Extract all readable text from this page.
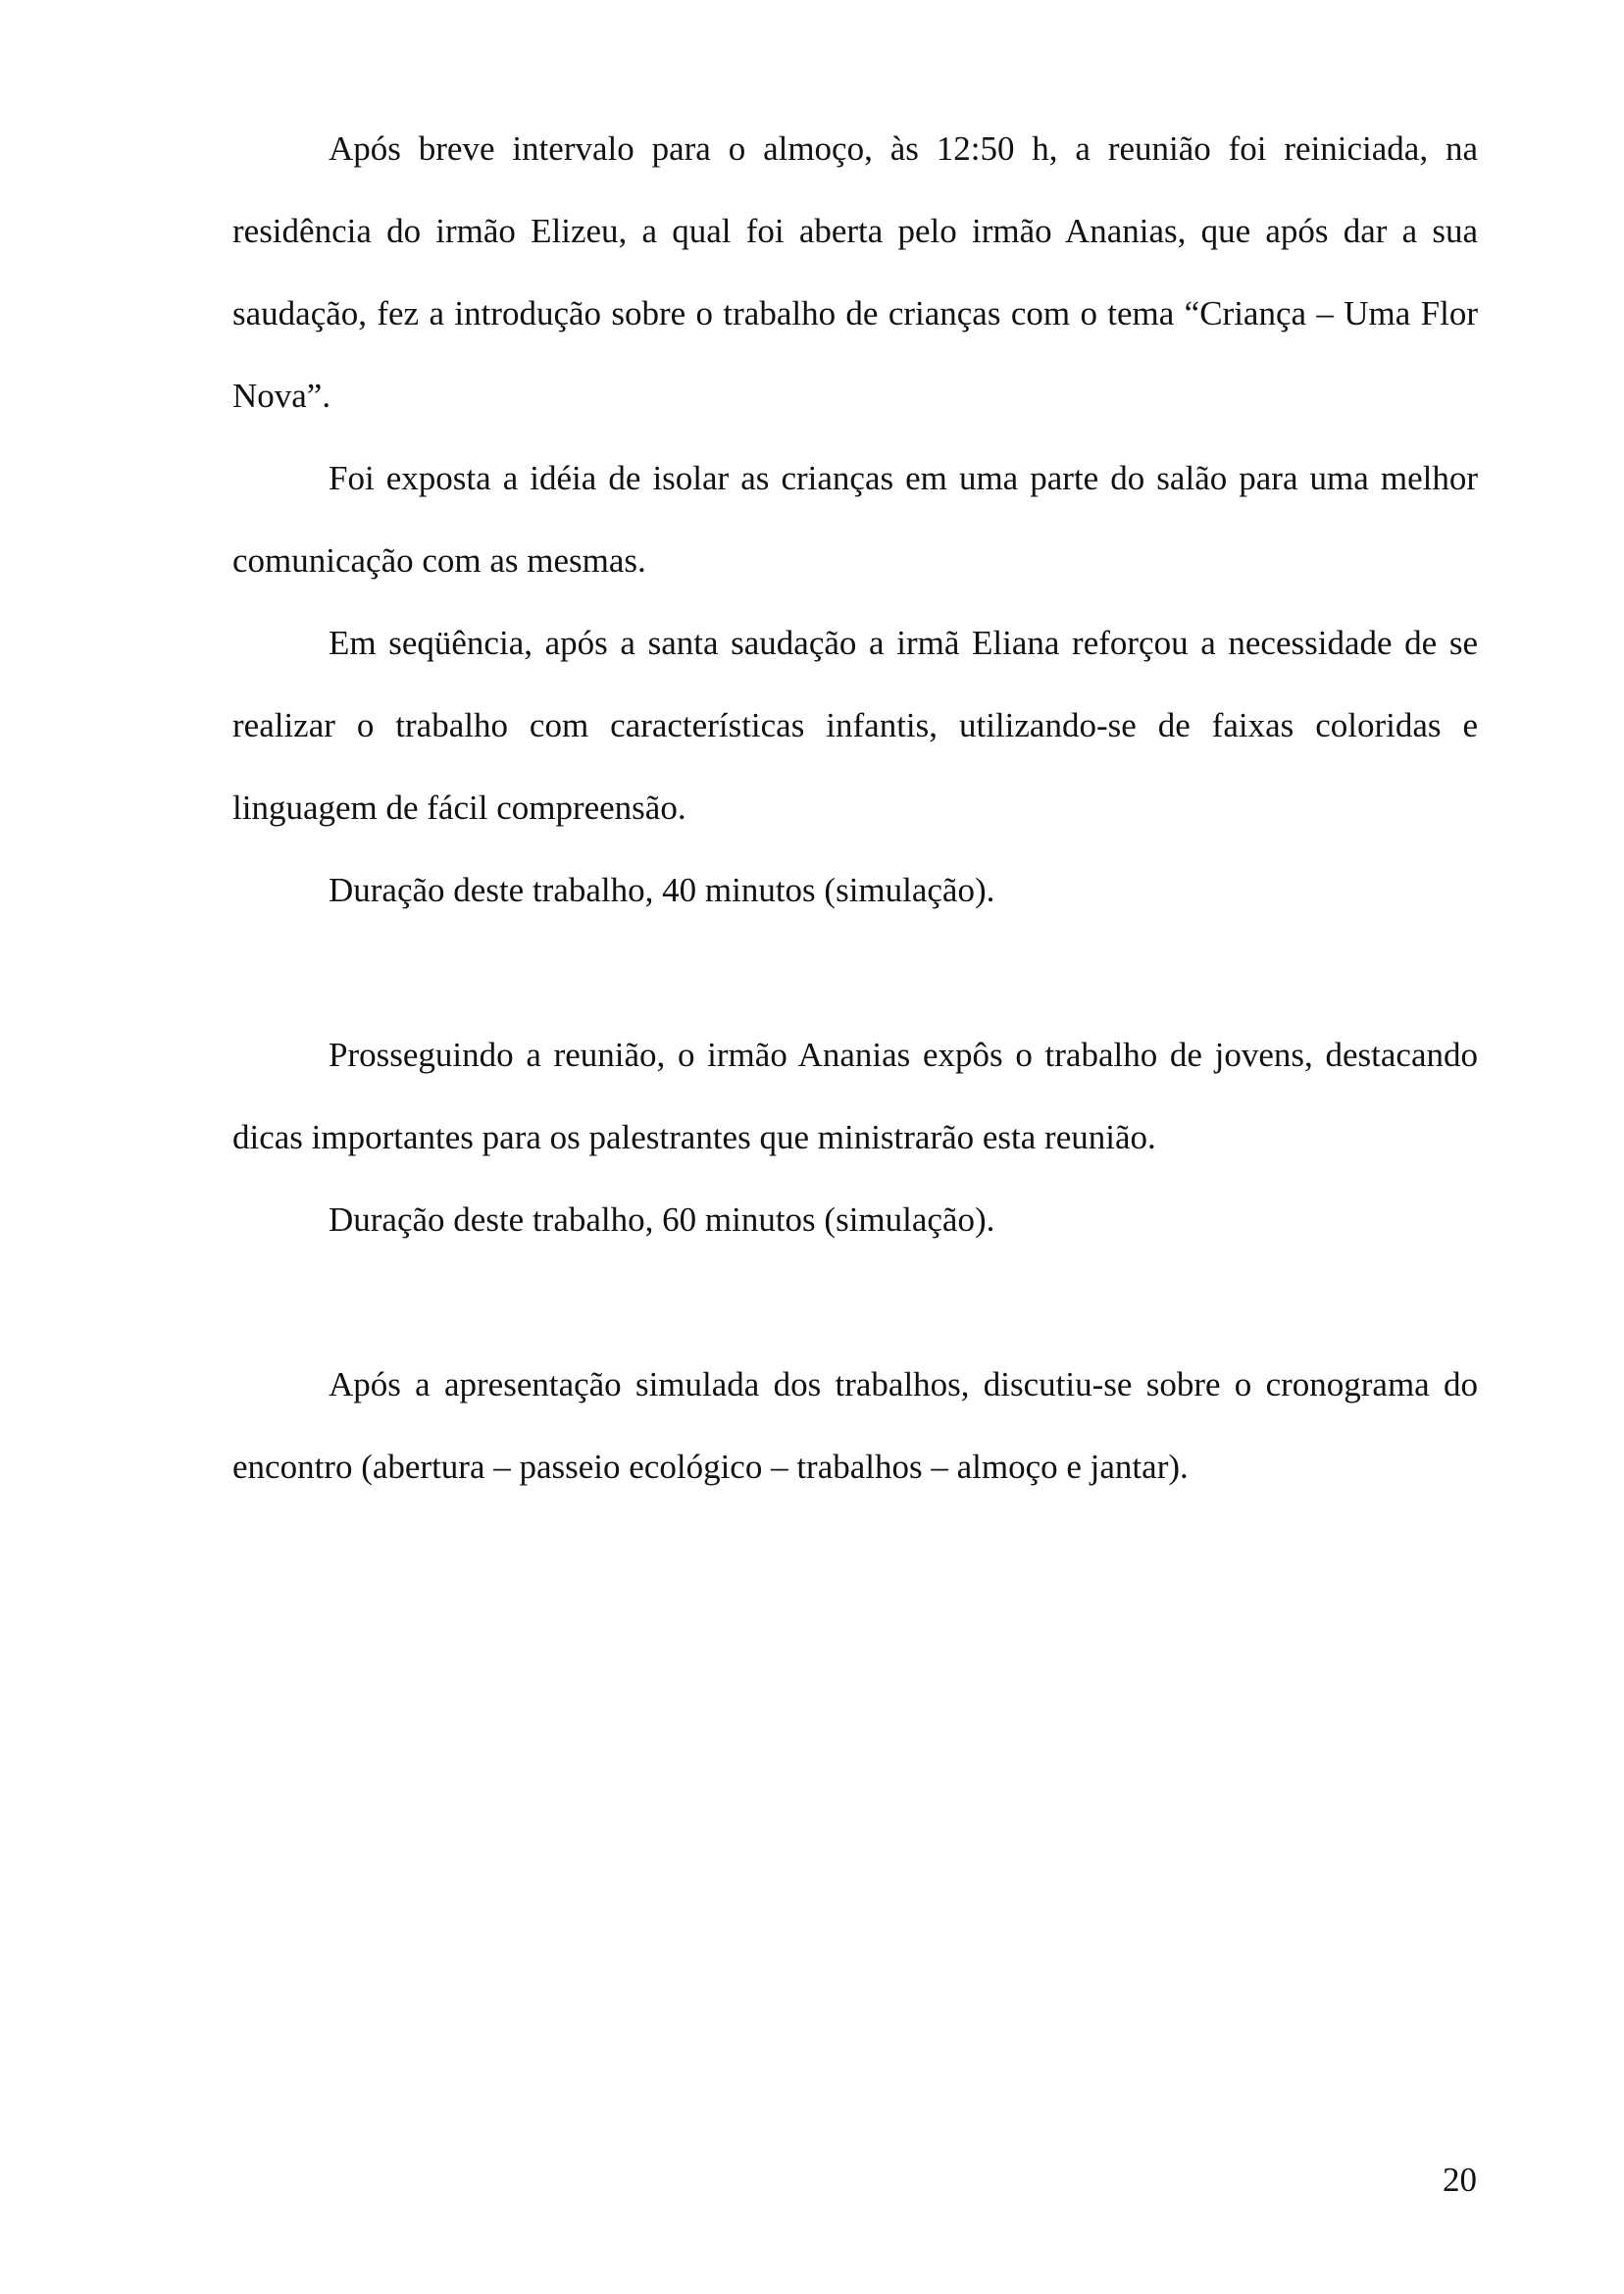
Após breve intervalo para o almoço, às 12:50 h, a reunião foi reiniciada, na residência do irmão Elizeu, a qual foi aberta pelo irmão Ananias, que após dar a sua saudação, fez a introdução sobre o trabalho de crianças com o tema “Criança – Uma Flor Nova”.

Foi exposta a idéia de isolar as crianças em uma parte do salão para uma melhor comunicação com as mesmas.

Em seqüência, após a santa saudação a irmã Eliana reforçou a necessidade de se realizar o trabalho com características infantis, utilizando-se de faixas coloridas e linguagem de fácil compreensão.

Duração deste trabalho, 40 minutos (simulação).

Prosseguindo a reunião, o irmão Ananias expôs o trabalho de jovens, destacando dicas importantes para os palestrantes que ministrarão esta reunião.

Duração deste trabalho, 60 minutos (simulação).

Após a apresentação simulada dos trabalhos, discutiu-se sobre o cronograma do encontro (abertura – passeio ecológico – trabalhos – almoço e jantar).

20
